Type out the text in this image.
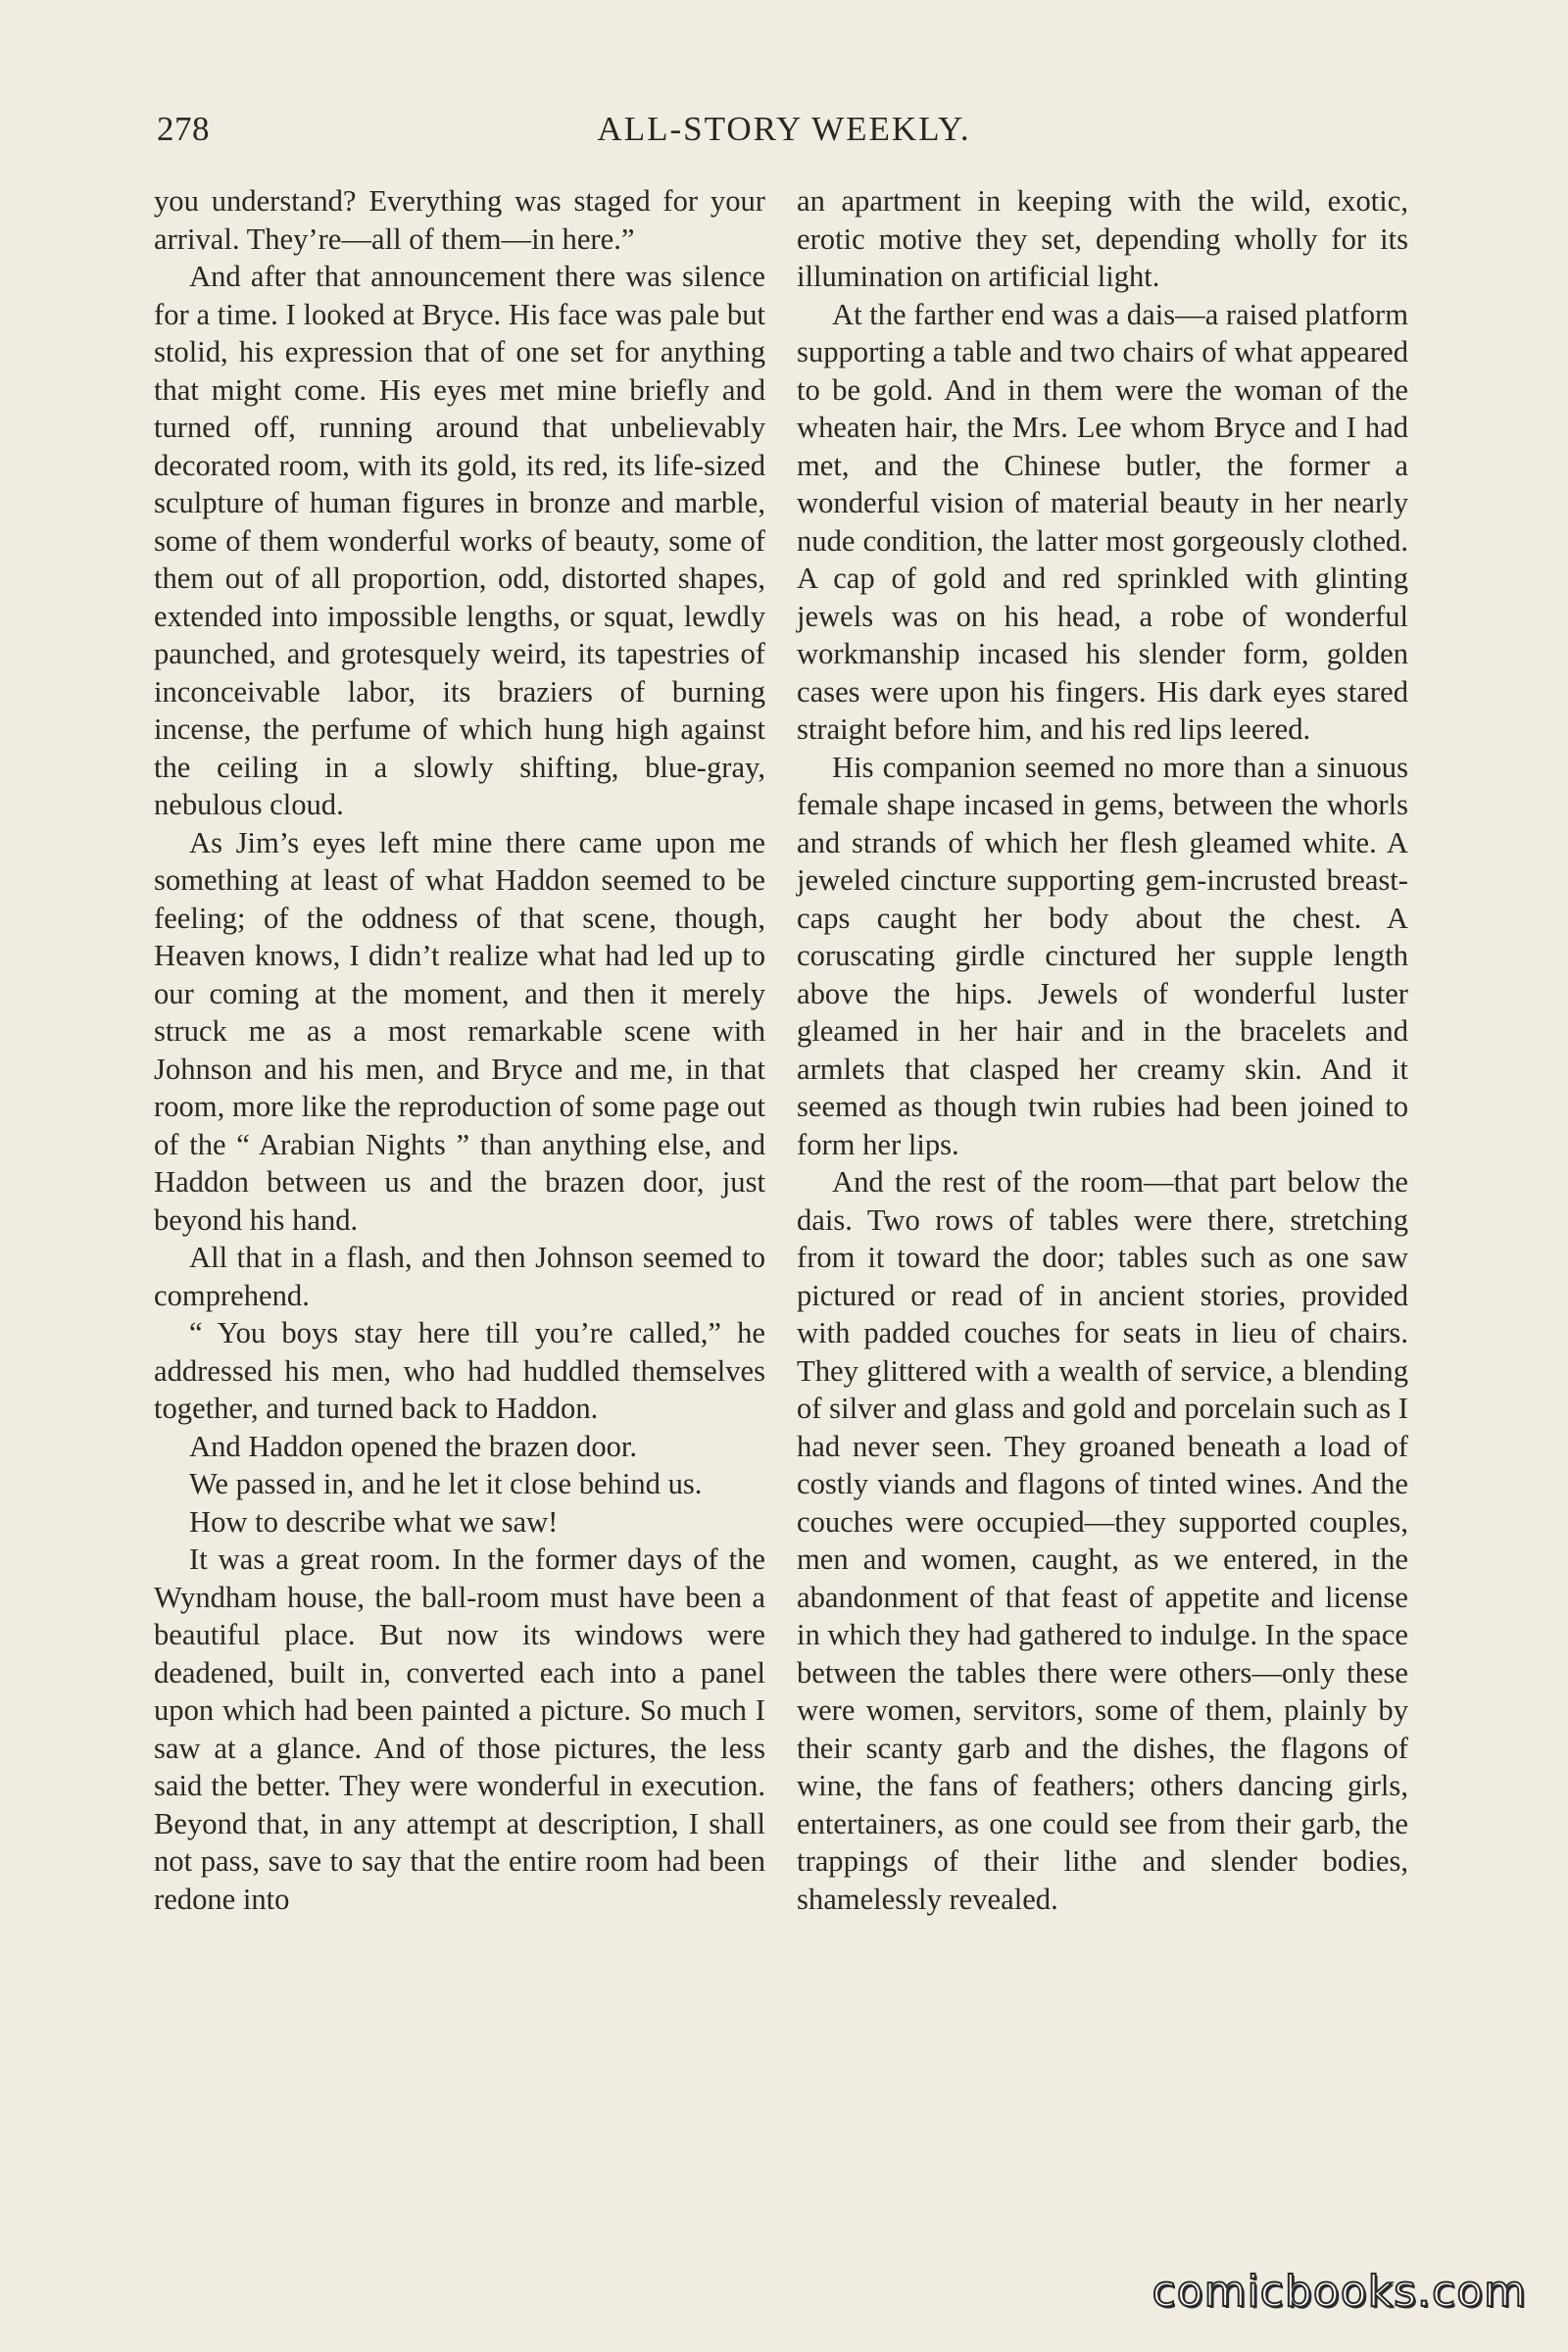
278	ALL-STORY WEEKLY.

you understand? Everything was staged for your arrival. They’re—all of them—in here.”

And after that announcement there was silence for a time. I looked at Bryce. His face was pale but stolid, his expression that of one set for anything that might come. His eyes met mine briefly and turned off, running around that unbelievably decorated room, with its gold, its red, its life-sized sculpture of human figures in bronze and marble, some of them wonderful works of beauty, some of them out of all proportion, odd, distorted shapes, extended into impossible lengths, or squat, lewdly paunched, and grotesquely weird, its tapestries of inconceivable labor, its braziers of burning incense, the perfume of which hung high against the ceiling in a slowly shifting, blue-gray, nebulous cloud.

As Jim’s eyes left mine there came upon me something at least of what Haddon seemed to be feeling; of the oddness of that scene, though, Heaven knows, I didn’t realize what had led up to our coming at the moment, and then it merely struck me as a most remarkable scene with Johnson and his men, and Bryce and me, in that room, more like the reproduction of some page out of the “ Arabian Nights ” than anything else, and Haddon between us and the brazen door, just beyond his hand.

All that in a flash, and then Johnson seemed to comprehend.

“ You boys stay here till you’re called,” he addressed his men, who had huddled themselves together, and turned back to Haddon.

And Haddon opened the brazen door.

We passed in, and he let it close behind us.

How to describe what we saw!

It was a great room. In the former days of the Wyndham house, the ball-room must have been a beautiful place. But now its windows were deadened, built in, converted each into a panel upon which had been painted a picture. So much I saw at a glance. And of those pictures, the less said the better. They were wonderful in execution. Beyond that, in any attempt at description, I shall not pass, save to say that the entire room had been redone into

an apartment in keeping with the wild, exotic, erotic motive they set, depending wholly for its illumination on artificial light.

At the farther end was a dais—a raised platform supporting a table and two chairs of what appeared to be gold. And in them were the woman of the wheaten hair, the Mrs. Lee whom Bryce and I had met, and the Chinese butler, the former a wonderful vision of material beauty in her nearly nude condition, the latter most gorgeously clothed. A cap of gold and red sprinkled with glinting jewels was on his head, a robe of wonderful workmanship incased his slender form, golden cases were upon his fingers. His dark eyes stared straight before him, and his red lips leered.

His companion seemed no more than a sinuous female shape incased in gems, between the whorls and strands of which her flesh gleamed white. A jeweled cincture supporting gem-incrusted breast-caps caught her body about the chest. A coruscating girdle cinctured her supple length above the hips. Jewels of wonderful luster gleamed in her hair and in the bracelets and armlets that clasped her creamy skin. And it seemed as though twin rubies had been joined to form her lips.

And the rest of the room—that part below the dais. Two rows of tables were there, stretching from it toward the door; tables such as one saw pictured or read of in ancient stories, provided with padded couches for seats in lieu of chairs. They glittered with a wealth of service, a blending of silver and glass and gold and porcelain such as I had never seen. They groaned beneath a load of costly viands and flagons of tinted wines. And the couches were occupied—they supported couples, men and women, caught, as we entered, in the abandonment of that feast of appetite and license in which they had gathered to indulge. In the space between the tables there were others—only these were women, servitors, some of them, plainly by their scanty garb and the dishes, the flagons of wine, the fans of feathers; others dancing girls, entertainers, as one could see from their garb, the trappings of their lithe and slender bodies, shamelessly revealed.

comicbooks.com
